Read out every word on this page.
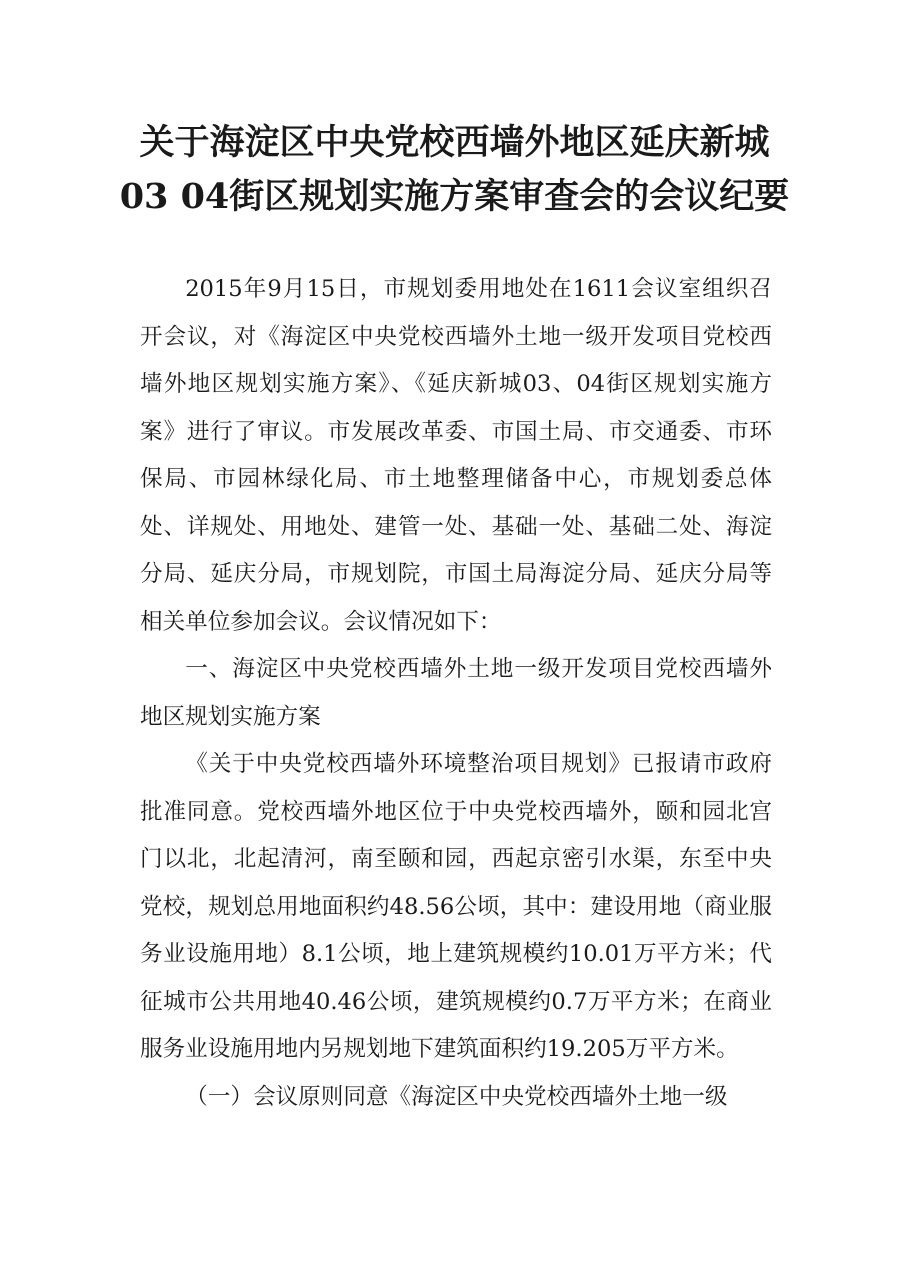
关于海淀区中央党校西墙外地区延庆新城
03 04街区规划实施方案审查会的会议纪要

2015年9月15日，市规划委用地处在1611会议室组织召开会议，对《海淀区中央党校西墙外土地一级开发项目党校西墙外地区规划实施方案》、《延庆新城03、04街区规划实施方案》进行了审议。市发展改革委、市国土局、市交通委、市环保局、市园林绿化局、市土地整理储备中心，市规划委总体处、详规处、用地处、建管一处、基础一处、基础二处、海淀分局、延庆分局，市规划院，市国土局海淀分局、延庆分局等相关单位参加会议。会议情况如下：

一、海淀区中央党校西墙外土地一级开发项目党校西墙外地区规划实施方案

《关于中央党校西墙外环境整治项目规划》已报请市政府批准同意。党校西墙外地区位于中央党校西墙外，颐和园北宫门以北，北起清河，南至颐和园，西起京密引水渠，东至中央党校，规划总用地面积约48.56公顷，其中：建设用地（商业服务业设施用地）8.1公顷，地上建筑规模约10.01万平方米；代征城市公共用地40.46公顷，建筑规模约0.7万平方米；在商业服务业设施用地内另规划地下建筑面积约19.205万平方米。

（一）会议原则同意《海淀区中央党校西墙外土地一级
